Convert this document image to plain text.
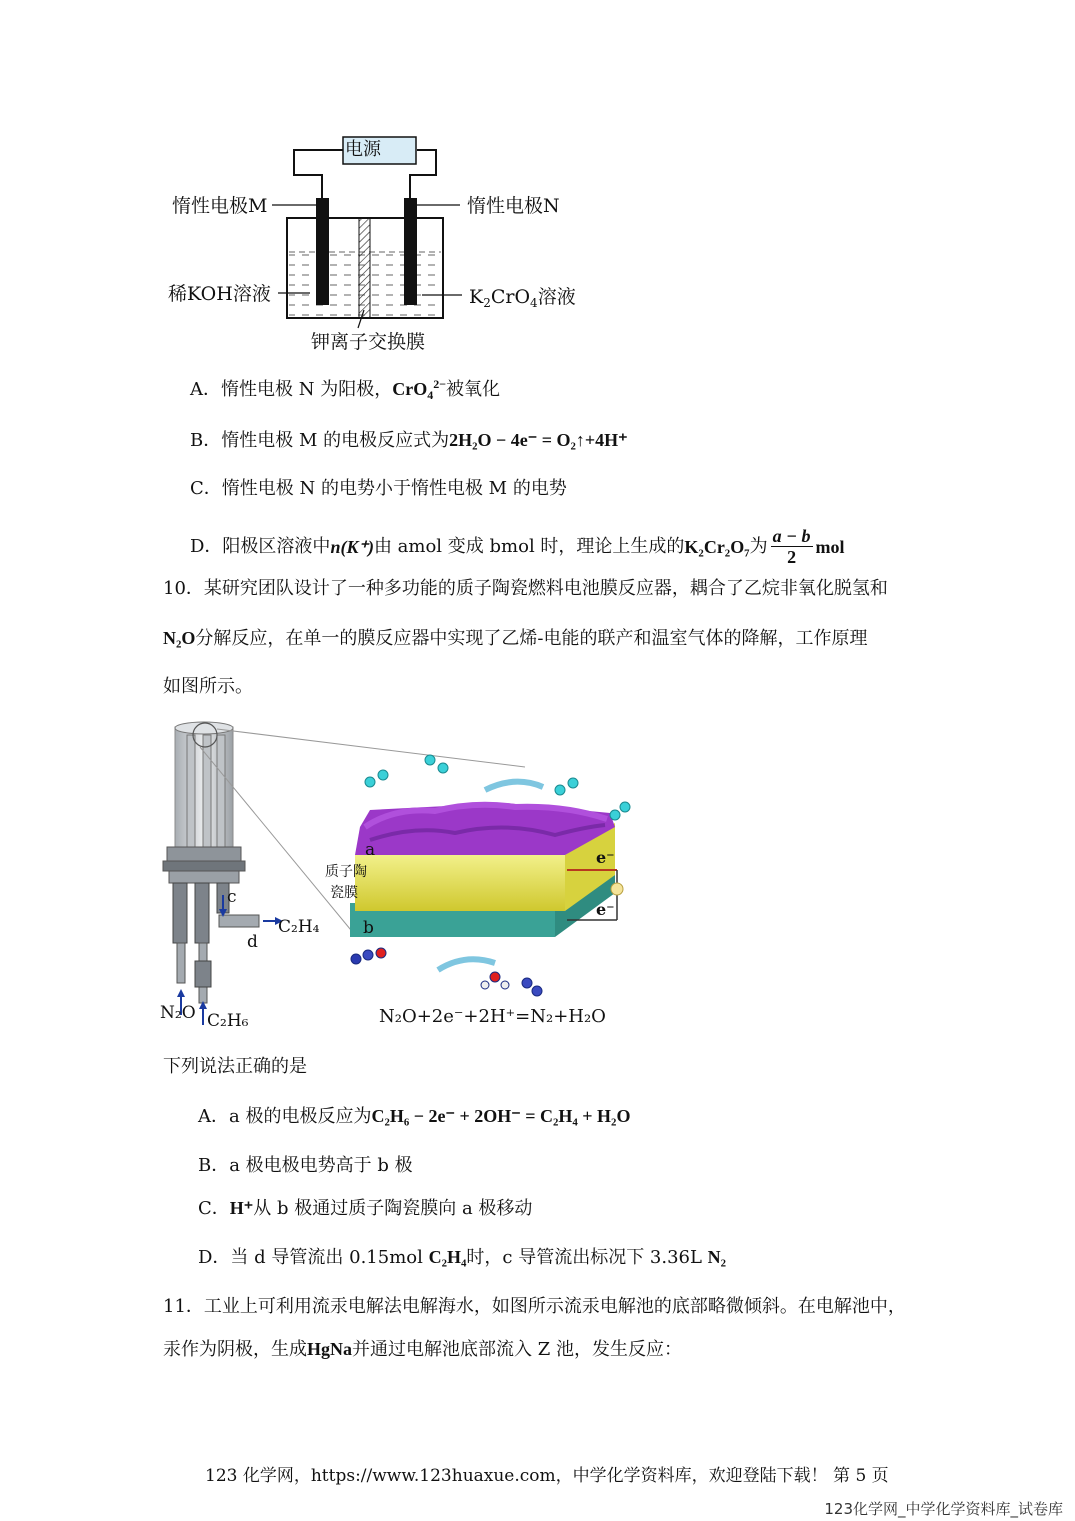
电源
惰性电极M	惰性电极N
稀KOH溶液	$K_2CrO_4$溶液
钾离子交换膜
A．惰性电极 N 为阳极，CrO$_4^{2-}$被氧化
B．惰性电极 M 的电极反应式为2H₂O − 4e⁻ = O₂↑+4H⁺
C．惰性电极 N 的电势小于惰性电极 M 的电势
D．阳极区溶液中 n(K⁺) 由 amol 变成 bmol 时，理论上生成的 K₂Cr₂O₇ 为 $\frac{a - b}{2}$ mol
10．某研究团队设计了一种多功能的质子陶瓷燃料电池膜反应器，耦合了乙烷非氧化脱氢和
N₂O分解反应，在单一的膜反应器中实现了乙烯-电能的联产和温室气体的降解，工作原理
如图所示。
a
b
c
d
质子陶
瓷膜
C₂H₄
N₂O C₂H₆
e⁻
e⁻
N₂O+2e⁻+2H⁺=N₂+H₂O
下列说法正确的是
A．a 极的电极反应为C₂H₆ − 2e⁻ + 2OH⁻ = C₂H₄ + H₂O
B．a 极电极电势高于 b 极
C．H⁺从 b 极通过质子陶瓷膜向 a 极移动
D．当 d 导管流出 0.15mol C₂H₄时，c 导管流出标况下 3.36L N₂
11．工业上可利用流汞电解法电解海水，如图所示流汞电解池的底部略微倾斜。在电解池中，
汞作为阴极，生成HgNa并通过电解池底部流入 Z 池，发生反应：
123 化学网，https://www.123huaxue.com，中学化学资料库，欢迎登陆下载！ 第 5 页
123化学网_中学化学资料库_试卷库
